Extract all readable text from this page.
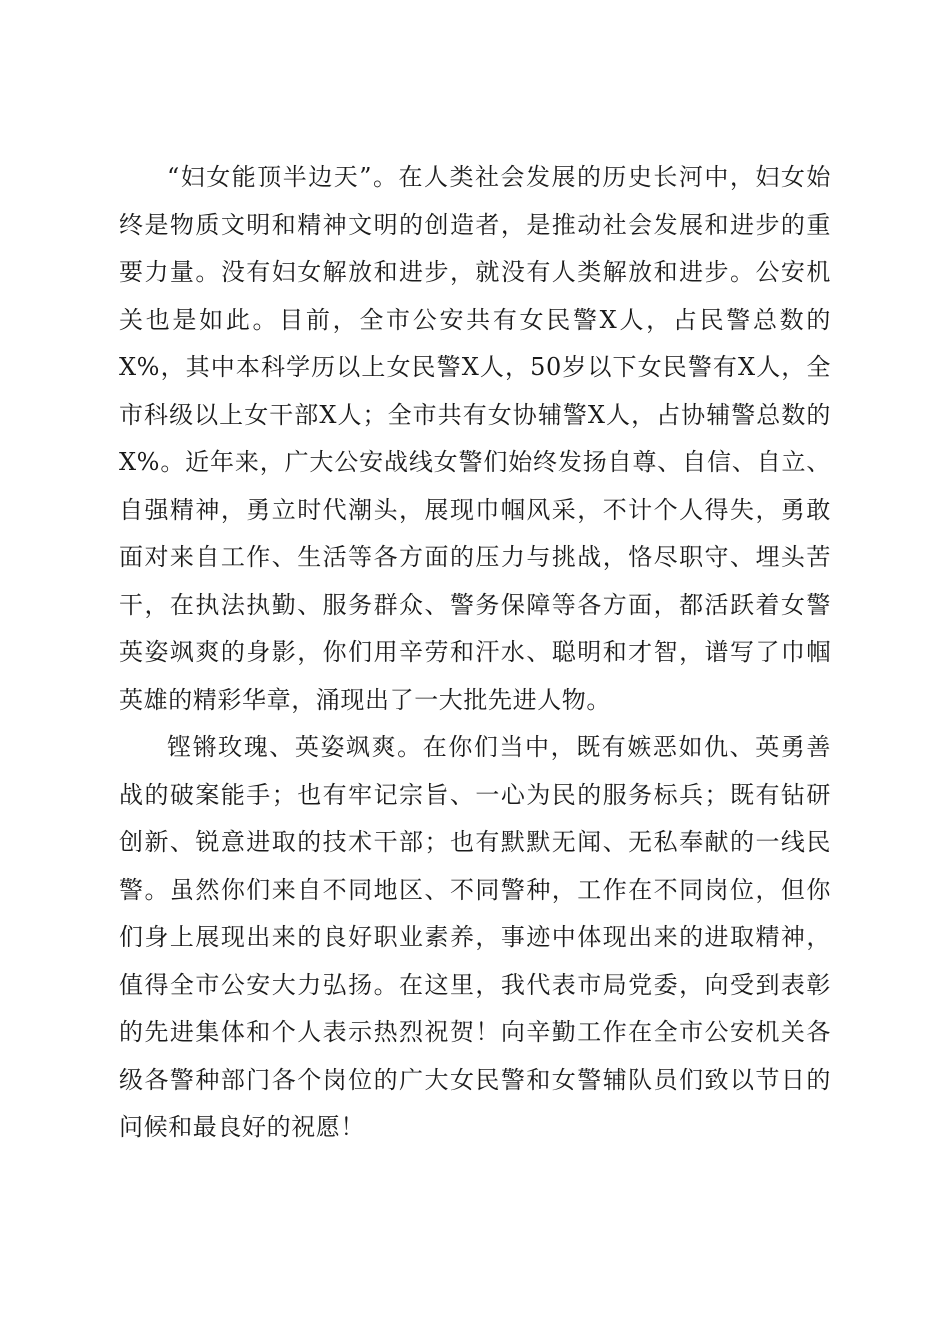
“妇女能顶半边天”。在人类社会发展的历史长河中，妇女始终是物质文明和精神文明的创造者，是推动社会发展和进步的重要力量。没有妇女解放和进步，就没有人类解放和进步。公安机关也是如此。目前，全市公安共有女民警X人，占民警总数的X%，其中本科学历以上女民警X人，50岁以下女民警有X人，全市科级以上女干部X人；全市共有女协辅警X人，占协辅警总数的X%。近年来，广大公安战线女警们始终发扬自尊、自信、自立、自强精神，勇立时代潮头，展现巾帼风采，不计个人得失，勇敢面对来自工作、生活等各方面的压力与挑战，恪尽职守、埋头苦干，在执法执勤、服务群众、警务保障等各方面，都活跃着女警英姿飒爽的身影，你们用辛劳和汗水、聪明和才智，谱写了巾帼英雄的精彩华章，涌现出了一大批先进人物。

铿锵玫瑰、英姿飒爽。在你们当中，既有嫉恶如仇、英勇善战的破案能手；也有牢记宗旨、一心为民的服务标兵；既有钻研创新、锐意进取的技术干部；也有默默无闻、无私奉献的一线民警。虽然你们来自不同地区、不同警种，工作在不同岗位，但你们身上展现出来的良好职业素养，事迹中体现出来的进取精神，值得全市公安大力弘扬。在这里，我代表市局党委，向受到表彰的先进集体和个人表示热烈祝贺！向辛勤工作在全市公安机关各级各警种部门各个岗位的广大女民警和女警辅队员们致以节日的问候和最良好的祝愿！
